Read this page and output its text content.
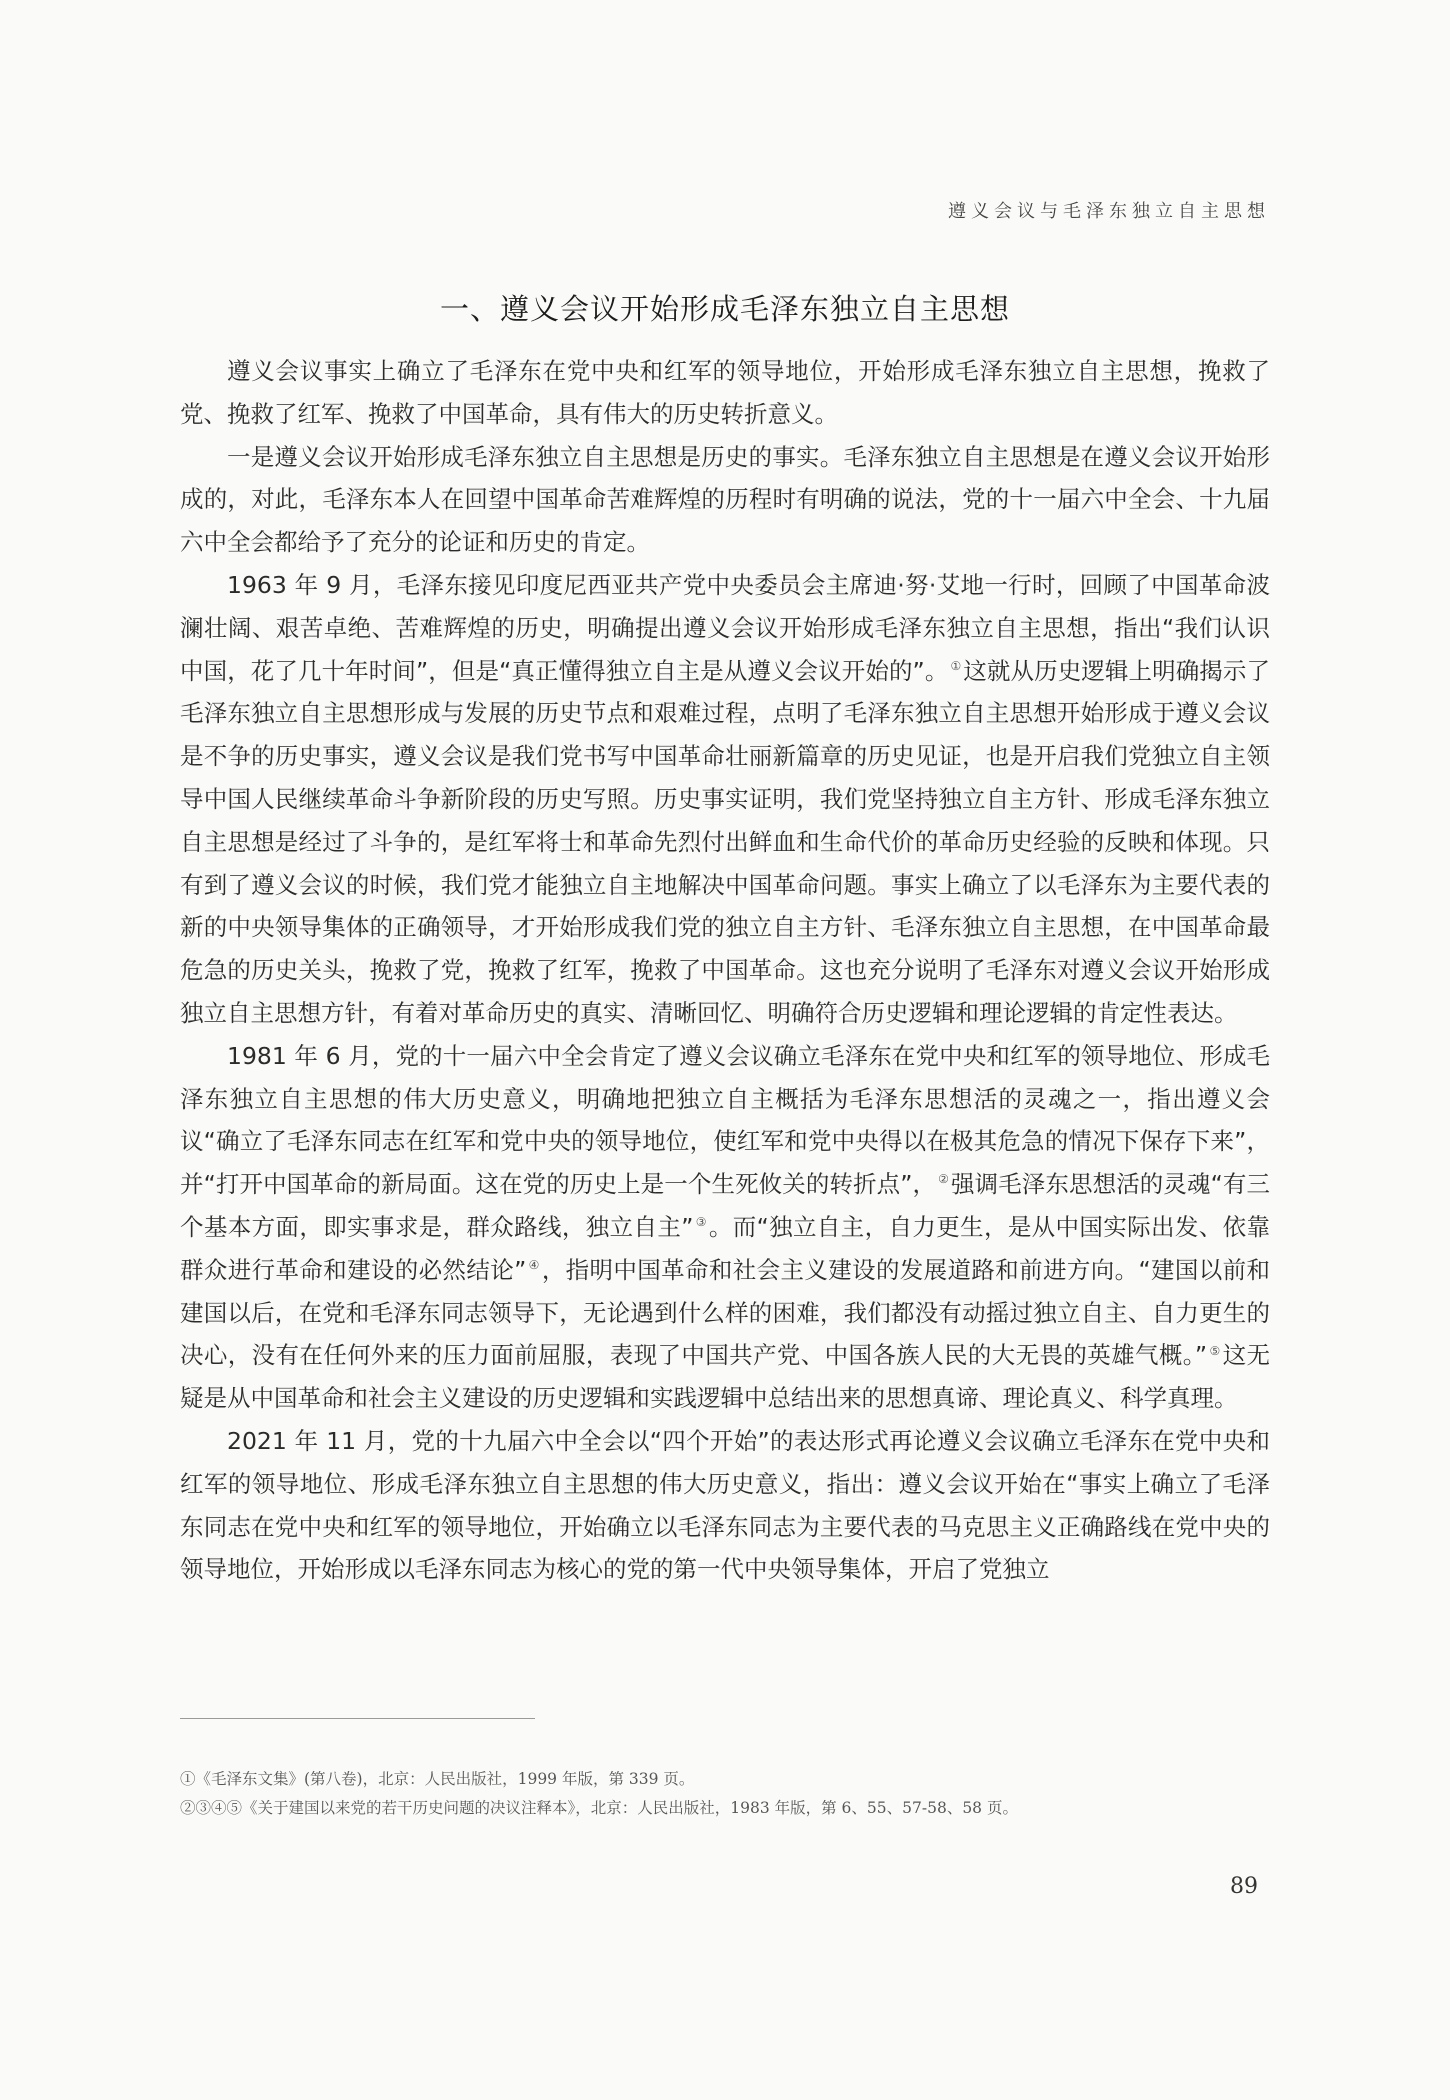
遵义会议与毛泽东独立自主思想
一、遵义会议开始形成毛泽东独立自主思想

遵义会议事实上确立了毛泽东在党中央和红军的领导地位，开始形成毛泽东独立自主思想，挽救了党、挽救了红军、挽救了中国革命，具有伟大的历史转折意义。

一是遵义会议开始形成毛泽东独立自主思想是历史的事实。毛泽东独立自主思想是在遵义会议开始形成的，对此，毛泽东本人在回望中国革命苦难辉煌的历程时有明确的说法，党的十一届六中全会、十九届六中全会都给予了充分的论证和历史的肯定。

1963 年 9 月，毛泽东接见印度尼西亚共产党中央委员会主席迪·努·艾地一行时，回顾了中国革命波澜壮阔、艰苦卓绝、苦难辉煌的历史，明确提出遵义会议开始形成毛泽东独立自主思想，指出“我们认识中国，花了几十年时间”，但是“真正懂得独立自主是从遵义会议开始的”。 ①这就从历史逻辑上明确揭示了毛泽东独立自主思想形成与发展的历史节点和艰难过程，点明了毛泽东独立自主思想开始形成于遵义会议是不争的历史事实，遵义会议是我们党书写中国革命壮丽新篇章的历史见证，也是开启我们党独立自主领导中国人民继续革命斗争新阶段的历史写照。历史事实证明，我们党坚持独立自主方针、形成毛泽东独立自主思想是经过了斗争的，是红军将士和革命先烈付出鲜血和生命代价的革命历史经验的反映和体现。只有到了遵义会议的时候，我们党才能独立自主地解决中国革命问题。事实上确立了以毛泽东为主要代表的新的中央领导集体的正确领导，才开始形成我们党的独立自主方针、毛泽东独立自主思想，在中国革命最危急的历史关头，挽救了党，挽救了红军，挽救了中国革命。这也充分说明了毛泽东对遵义会议开始形成独立自主思想方针，有着对革命历史的真实、清晰回忆、明确符合历史逻辑和理论逻辑的肯定性表达。

1981 年 6 月，党的十一届六中全会肯定了遵义会议确立毛泽东在党中央和红军的领导地位、形成毛泽东独立自主思想的伟大历史意义，明确地把独立自主概括为毛泽东思想活的灵魂之一，指出遵义会议“确立了毛泽东同志在红军和党中央的领导地位，使红军和党中央得以在极其危急的情况下保存下来”，并“打开中国革命的新局面。这在党的历史上是一个生死攸关的转折点”， ②强调毛泽东思想活的灵魂“有三个基本方面，即实事求是，群众路线，独立自主” ③。而“独立自主，自力更生，是从中国实际出发、依靠群众进行革命和建设的必然结论” ④，指明中国革命和社会主义建设的发展道路和前进方向。“建国以前和建国以后，在党和毛泽东同志领导下，无论遇到什么样的困难，我们都没有动摇过独立自主、自力更生的决心，没有在任何外来的压力面前屈服，表现了中国共产党、中国各族人民的大无畏的英雄气概。” ⑤这无疑是从中国革命和社会主义建设的历史逻辑和实践逻辑中总结出来的思想真谛、理论真义、科学真理。

2021 年 11 月，党的十九届六中全会以“四个开始”的表达形式再论遵义会议确立毛泽东在党中央和红军的领导地位、形成毛泽东独立自主思想的伟大历史意义，指出：遵义会议开始在“事实上确立了毛泽东同志在党中央和红军的领导地位，开始确立以毛泽东同志为主要代表的马克思主义正确路线在党中央的领导地位，开始形成以毛泽东同志为核心的党的第一代中央领导集体，开启了党独立

①《毛泽东文集》(第八卷)，北京：人民出版社，1999 年版，第 339 页。

②③④⑤《关于建国以来党的若干历史问题的决议注释本》，北京：人民出版社，1983 年版，第 6、55、57-58、58 页。

89
